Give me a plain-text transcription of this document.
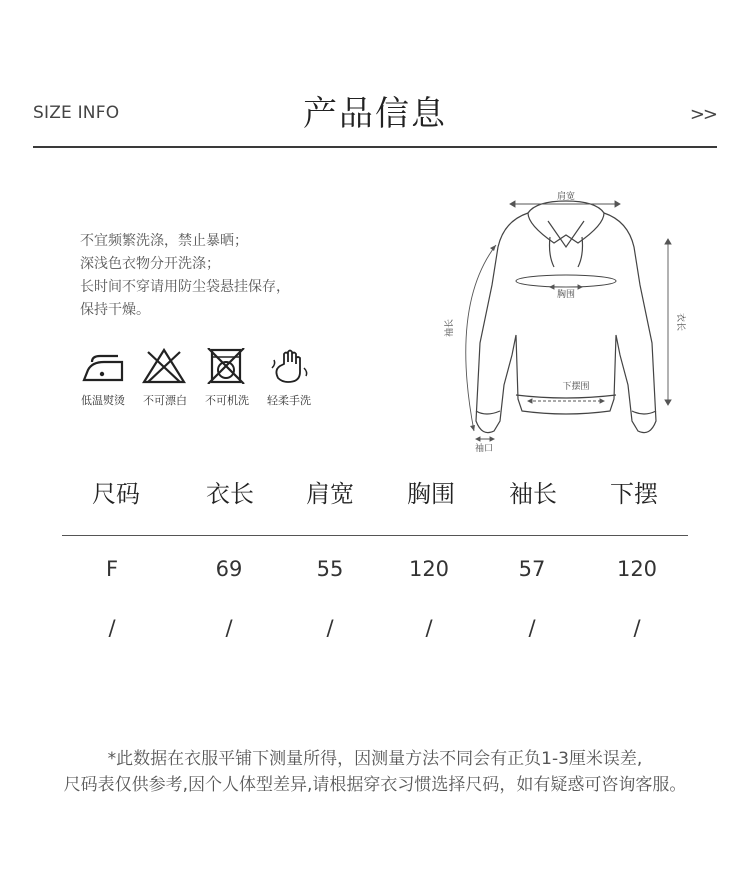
SIZE INFO	产品信息	>>
不宜频繁洗涤，禁止暴晒；
深浅色衣物分开洗涤；
长时间不穿请用防尘袋悬挂保存，
保持干燥。
低温熨烫	不可漂白	不可机洗	轻柔手洗
肩宽
胸围
下摆围
袖口
袖长	衣长
尺码	衣长	肩宽	胸围	袖长	下摆
F	69	55	120	57	120
/	/	/	/	/	/
*此数据在衣服平铺下测量所得，因测量方法不同会有正负1-3厘米误差,
尺码表仅供参考,因个人体型差异,请根据穿衣习惯选择尺码，如有疑惑可咨询客服。
